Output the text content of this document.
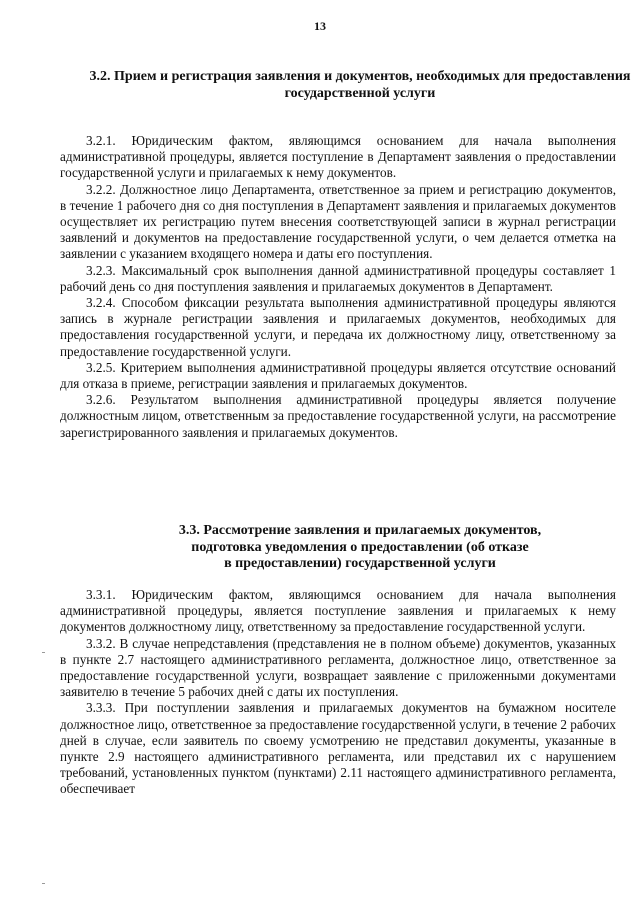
13
3.2. Прием и регистрация заявления и документов, необходимых для предоставления государственной услуги

3.2.1. Юридическим фактом, являющимся основанием для начала выполнения административной процедуры, является поступление в Департамент заявления о предоставлении государственной услуги и прилагаемых к нему документов.

3.2.2. Должностное лицо Департамента, ответственное за прием и регистрацию документов, в течение 1 рабочего дня со дня поступления в Департамент заявления и прилагаемых документов осуществляет их регистрацию путем внесения соответствующей записи в журнал регистрации заявлений и документов на предоставление государственной услуги, о чем делается отметка на заявлении с указанием входящего номера и даты его поступления.

3.2.3. Максимальный срок выполнения данной административной процедуры составляет 1 рабочий день со дня поступления заявления и прилагаемых документов в Департамент.

3.2.4. Способом фиксации результата выполнения административной процедуры являются запись в журнале регистрации заявления и прилагаемых документов, необходимых для предоставления государственной услуги, и передача их должностному лицу, ответственному за предоставление государственной услуги.

3.2.5. Критерием выполнения административной процедуры является отсутствие оснований для отказа в приеме, регистрации заявления и прилагаемых документов.

3.2.6. Результатом выполнения административной процедуры является получение должностным лицом, ответственным за предоставление государственной услуги, на рассмотрение зарегистрированного заявления и прилагаемых документов.

3.3. Рассмотрение заявления и прилагаемых документов,
подготовка уведомления о предоставлении (об отказе
в предоставлении) государственной услуги

3.3.1. Юридическим фактом, являющимся основанием для начала выполнения административной процедуры, является поступление заявления и прилагаемых к нему документов должностному лицу, ответственному за предоставление государственной услуги.

3.3.2. В случае непредставления (представления не в полном объеме) документов, указанных в пункте 2.7 настоящего административного регламента, должностное лицо, ответственное за предоставление государственной услуги, возвращает заявление с приложенными документами заявителю в течение 5 рабочих дней с даты их поступления.

3.3.3. При поступлении заявления и прилагаемых документов на бумажном носителе должностное лицо, ответственное за предоставление государственной услуги, в течение 2 рабочих дней в случае, если заявитель по своему усмотрению не представил документы, указанные в пункте 2.9 настоящего административного регламента, или представил их с нарушением требований, установленных пунктом (пунктами) 2.11 настоящего административного регламента, обеспечивает
